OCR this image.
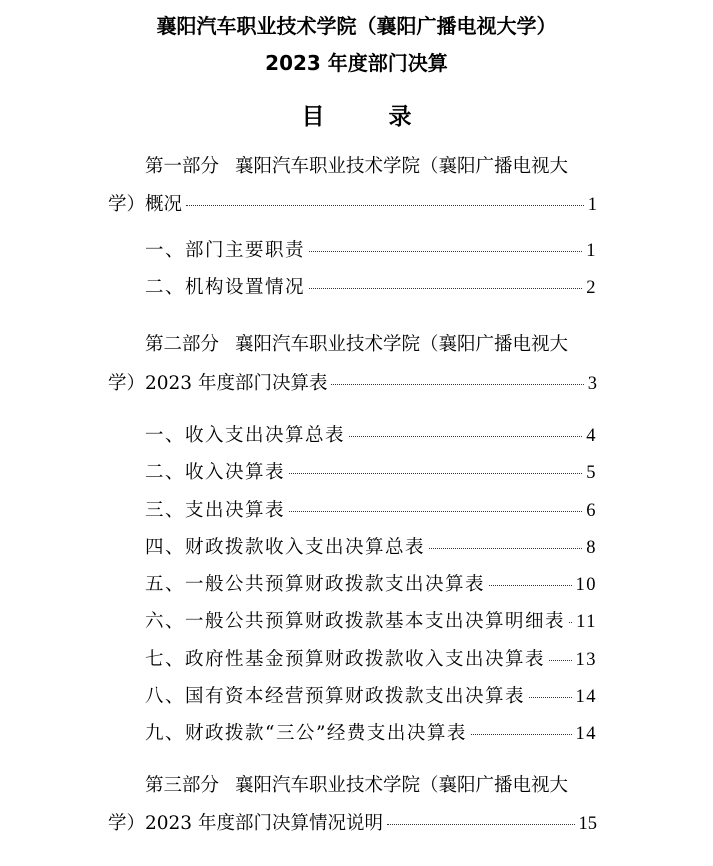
襄阳汽车职业技术学院（襄阳广播电视大学）
2023 年度部门决算
目 录
第一部分 襄阳汽车职业技术学院（襄阳广播电视大
学）概况	1
一、部门主要职责	1
二、机构设置情况	2
第二部分 襄阳汽车职业技术学院（襄阳广播电视大
学）2023 年度部门决算表	3
一、收入支出决算总表	4
二、收入决算表	5
三、支出决算表	6
四、财政拨款收入支出决算总表	8
五、一般公共预算财政拨款支出决算表	10
六、一般公共预算财政拨款基本支出决算明细表 11
七、政府性基金预算财政拨款收入支出决算表 13
八、国有资本经营预算财政拨款支出决算表	14
九、财政拨款“三公”经费支出决算表	14
第三部分 襄阳汽车职业技术学院（襄阳广播电视大
学）2023 年度部门决算情况说明	15
